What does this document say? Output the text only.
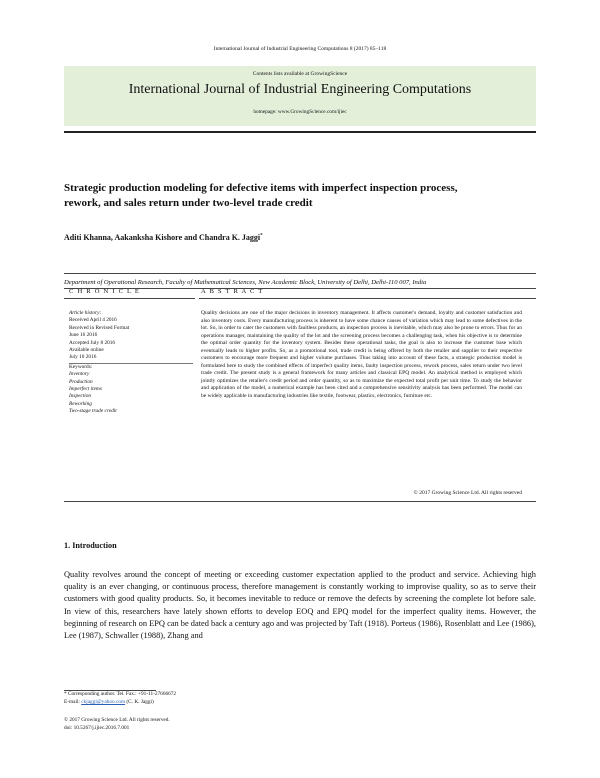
International Journal of Industrial Engineering Computations 8 (2017) 85–118
Contents lists available at GrowingScience
International Journal of Industrial Engineering Computations
homepage: www.GrowingScience.com/ijiec
Strategic production modeling for defective items with imperfect inspection process,
rework, and sales return under two-level trade credit
Aditi Khanna, Aakanksha Kishore and Chandra K. Jaggi*
Department of Operational Research, Faculty of Mathematical Sciences, New Academic Block, University of Delhi, Delhi-110 007, India
C H R O N I C L E	A B S T R A C T
Article history:
Received April 4 2016
Received in Revised Format
June 16 2016
Accepted July 8 2016
Available online
July 10 2016
Keywords:
Inventory
Production
Imperfect items
Inspection
Reworking
Two-stage trade credit
Quality decisions are one of the major decisions in inventory management. It affects customer's demand, loyalty and customer satisfaction and also inventory costs. Every manufacturing process is inherent to have some chance causes of variation which may lead to some defectives in the lot. So, in order to cater the customers with faultless products, an inspection process is inevitable, which may also be prone to errors. Thus for an operations manager, maintaining the quality of the lot and the screening process becomes a challenging task, when his objective is to determine the optimal order quantity for the inventory system. Besides these operational tasks, the goal is also to increase the customer base which eventually leads to higher profits. So, as a promotional tool, trade credit is being offered by both the retailer and supplier to their respective customers to encourage more frequent and higher volume purchases. Thus taking into account of these facts, a strategic production model is formulated here to study the combined effects of imperfect quality items, faulty inspection process, rework process, sales return under two level trade credit. The present study is a general framework for many articles and classical EPQ model. An analytical method is employed which jointly optimizes the retailer's credit period and order quantity, so as to maximize the expected total profit per unit time. To study the behavior and application of the model, a numerical example has been cited and a comprehensive sensitivity analysis has been performed. The model can be widely applicable in manufacturing industries like textile, footwear, plastics, electronics, furniture etc.
© 2017 Growing Science Ltd. All rights reserved
1. Introduction
Quality revolves around the concept of meeting or exceeding customer expectation applied to the product and service. Achieving high quality is an ever changing, or continuous process, therefore management is constantly working to improvise quality, so as to serve their customers with good quality products. So, it becomes inevitable to reduce or remove the defects by screening the complete lot before sale. In view of this, researchers have lately shown efforts to develop EOQ and EPQ model for the imperfect quality items. However, the beginning of research on EPQ can be dated back a century ago and was projected by Taft (1918). Porteus (1986), Rosenblatt and Lee (1986), Lee (1987), Schwaller (1988), Zhang and
* Corresponding author. Tel. Fax.: +91-11-27666672
E-mail: ckjaggi@yahoo.com (C. K. Jaggi)
© 2017 Growing Science Ltd. All rights reserved.
doi: 10.5267/j.ijiec.2016.7.001
